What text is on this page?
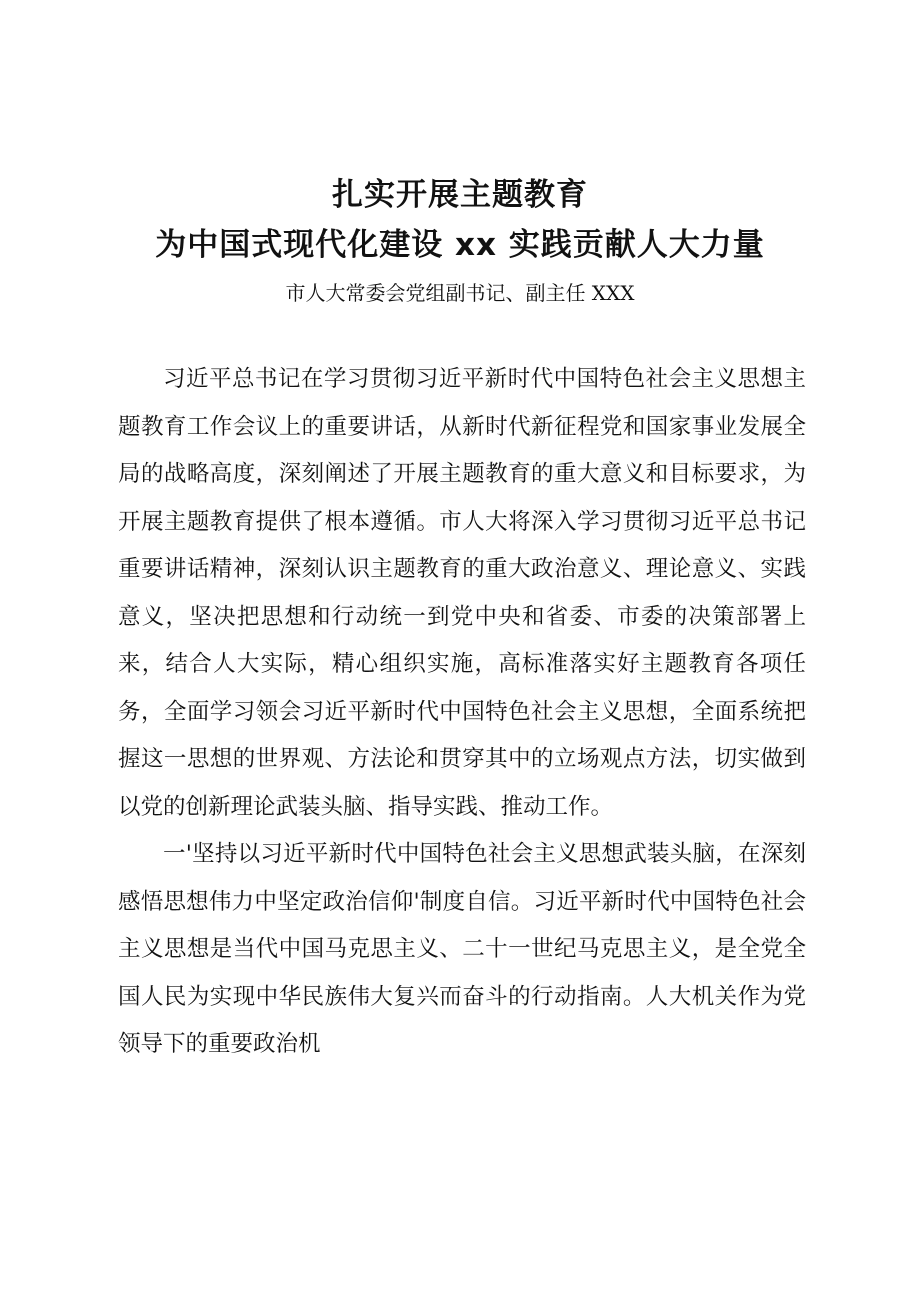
扎实开展主题教育
为中国式现代化建设 xx 实践贡献人大力量
市人大常委会党组副书记、副主任 XXX

习近平总书记在学习贯彻习近平新时代中国特色社会主义思想主题教育工作会议上的重要讲话，从新时代新征程党和国家事业发展全局的战略高度，深刻阐述了开展主题教育的重大意义和目标要求，为开展主题教育提供了根本遵循。市人大将深入学习贯彻习近平总书记重要讲话精神，深刻认识主题教育的重大政治意义、理论意义、实践意义，坚决把思想和行动统一到党中央和省委、市委的决策部署上来，结合人大实际，精心组织实施，高标准落实好主题教育各项任务，全面学习领会习近平新时代中国特色社会主义思想，全面系统把握这一思想的世界观、方法论和贯穿其中的立场观点方法，切实做到以党的创新理论武装头脑、指导实践、推动工作。

一'坚持以习近平新时代中国特色社会主义思想武装头脑，在深刻感悟思想伟力中坚定政治信仰'制度自信。习近平新时代中国特色社会主义思想是当代中国马克思主义、二十一世纪马克思主义，是全党全国人民为实现中华民族伟大复兴而奋斗的行动指南。人大机关作为党领导下的重要政治机
